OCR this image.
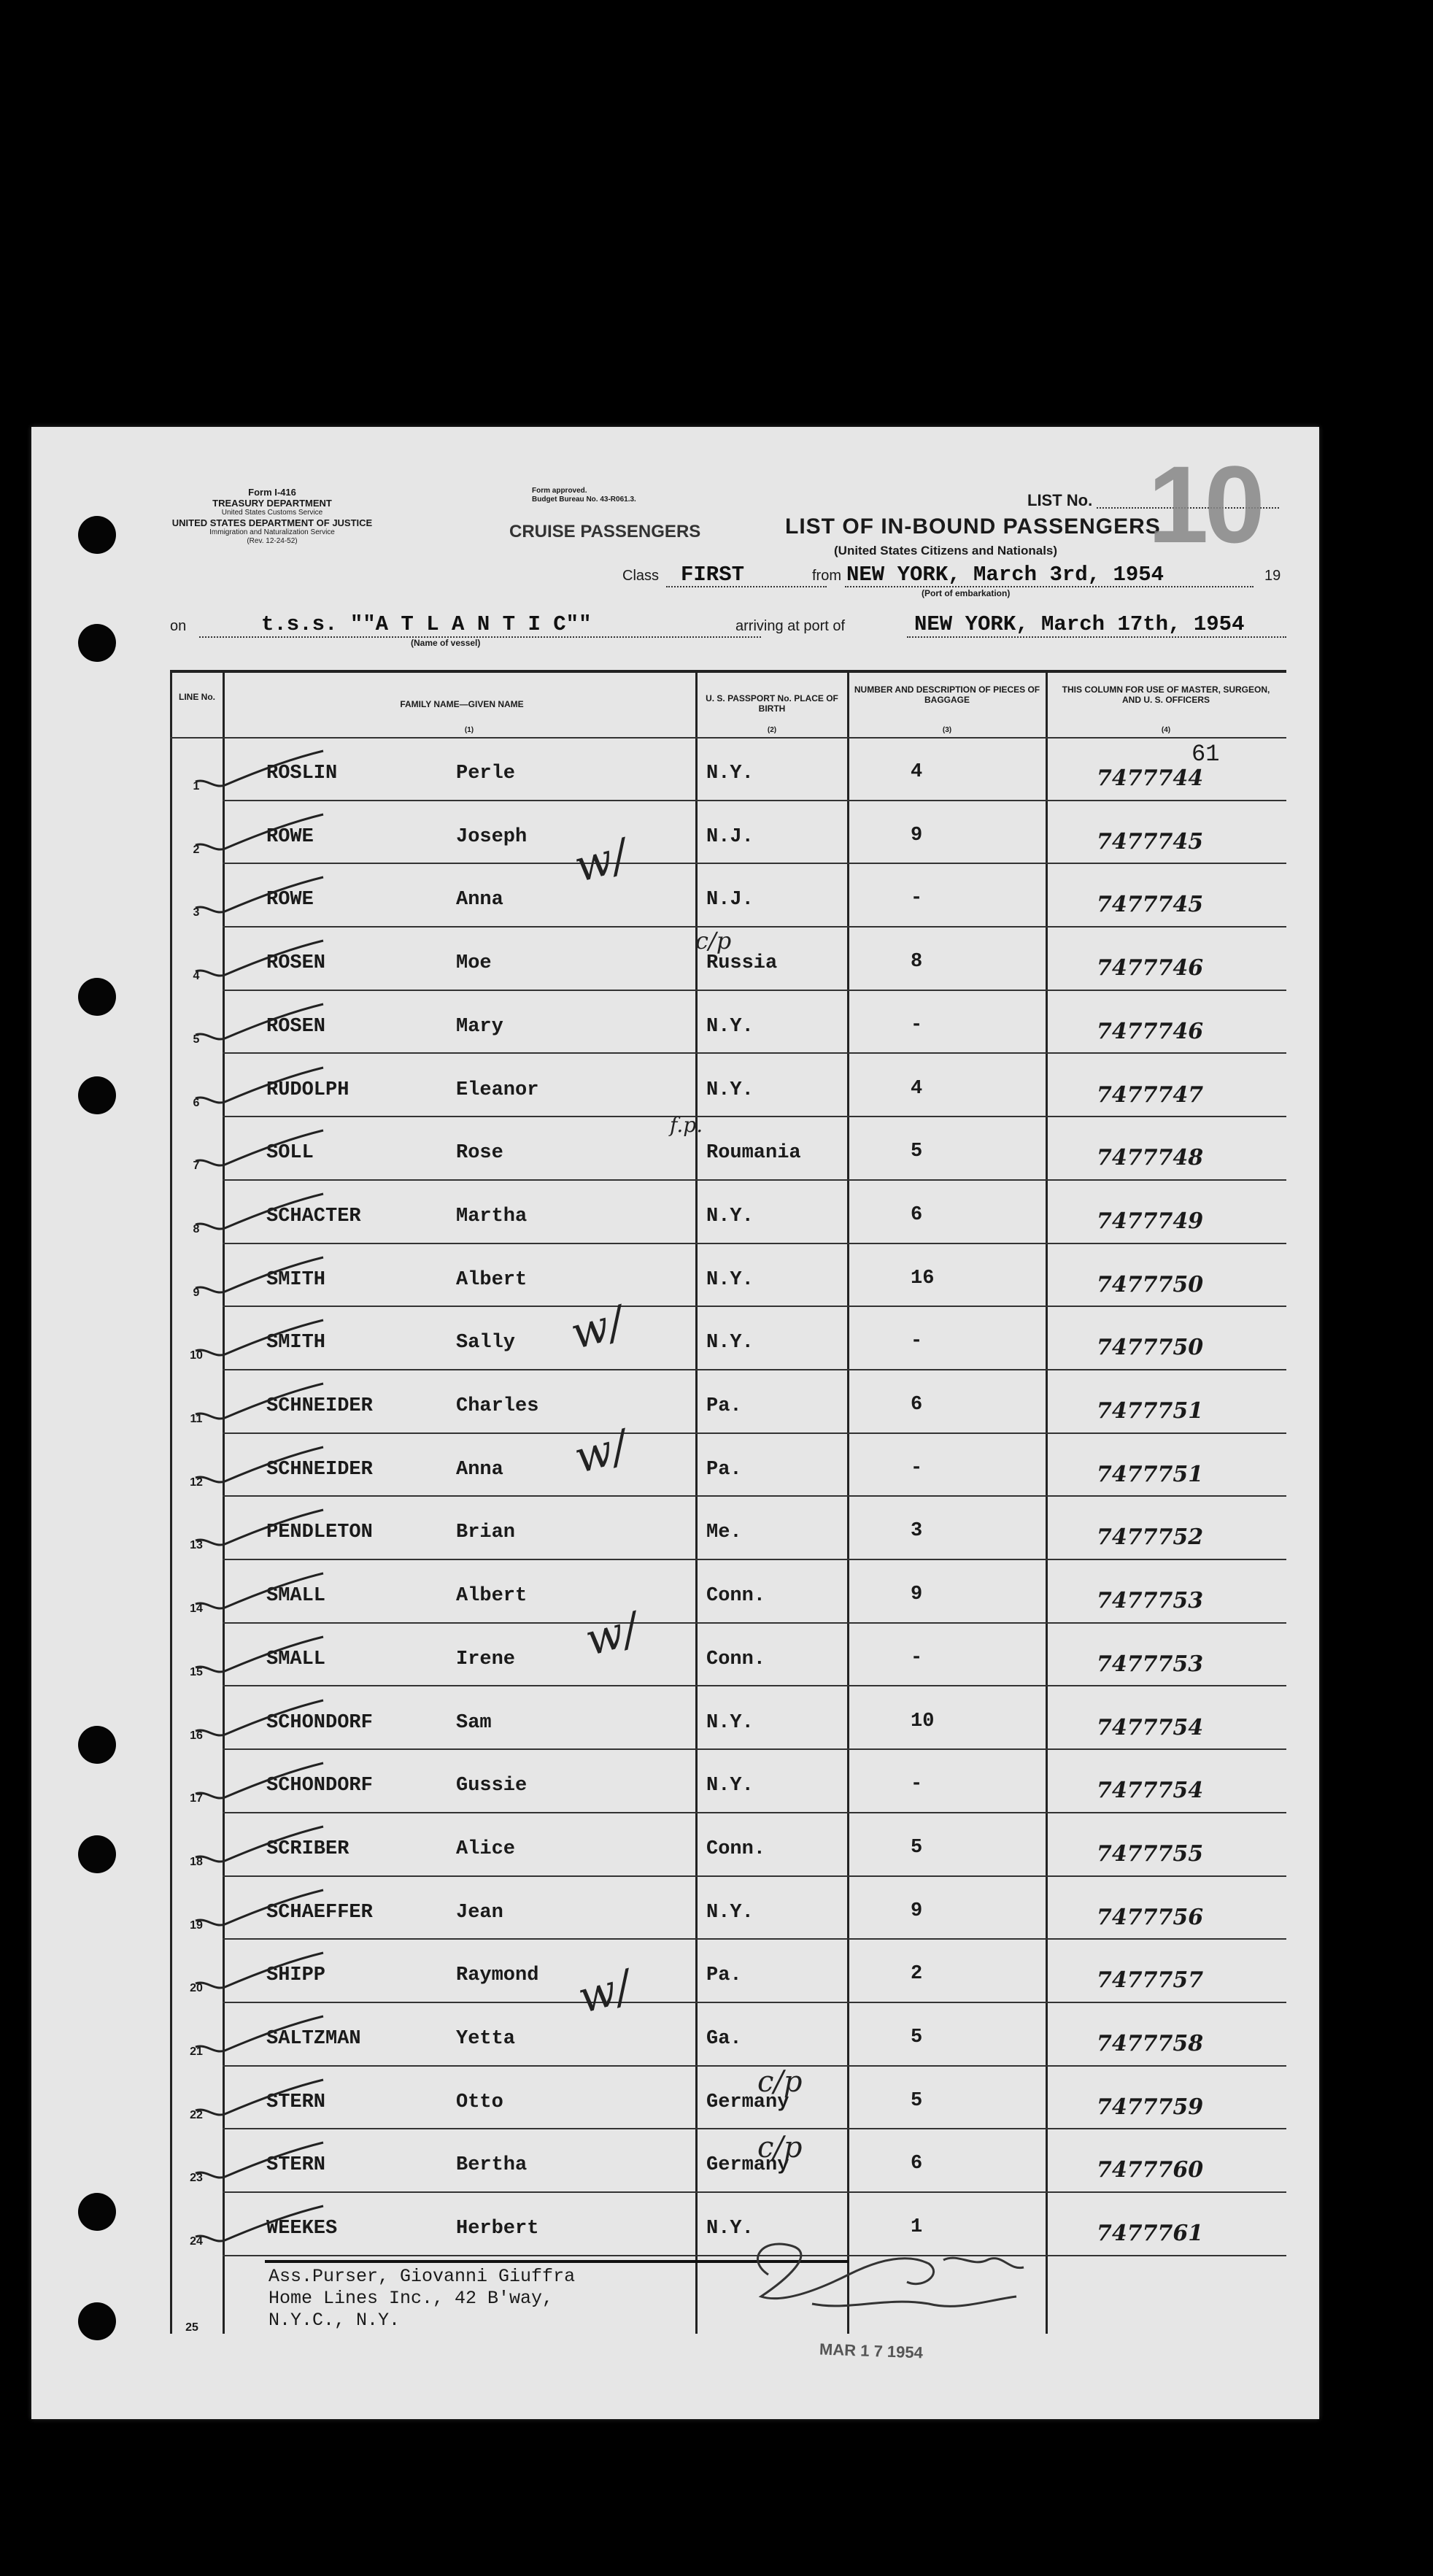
Form I-416
TREASURY DEPARTMENT
United States Customs Service
UNITED STATES DEPARTMENT OF JUSTICE
Immigration and Naturalization Service
(Rev. 12-24-52)
Form approved.
Budget Bureau No. 43-R061.3.
CRUISE PASSENGERS	LIST OF IN-BOUND PASSENGERS
(United States Citizens and Nationals)
LIST No. 10
Class FIRST	from NEW YORK, March 3rd, 1954	19
(Port of embarkation)
on	t.s.s. ""A T L A N T I C""
(Name of vessel)
arriving at port of	NEW YORK, March 17th, 1954
LINE No.
FAMILY NAME—GIVEN NAME
U. S. PASSPORT No. PLACE OF BIRTH
NUMBER AND DESCRIPTION OF PIECES OF BAGGAGE
THIS COLUMN FOR USE OF MASTER, SURGEON, AND U. S. OFFICERS
(1)	(2)	(3)	(4)
1
ROSLIN	Perle	N.Y.	4	7477744
2
ROWE	Joseph	N.J.	9	7477745
3
ROWE	Anna	N.J.	-	7477745
4
ROSEN	Moe	Russia	8	7477746
5
ROSEN	Mary	N.Y.	-	7477746
6
RUDOLPH	Eleanor	N.Y.	4	7477747
7
SOLL	Rose	Roumania	5	7477748
8
SCHACTER	Martha	N.Y.	6	7477749
9
SMITH	Albert	N.Y.	16	7477750
10
SMITH	Sally	N.Y.	-	7477750
11
SCHNEIDER	Charles	Pa.	6	7477751
12
SCHNEIDER	Anna	Pa.	-	7477751
13
PENDLETON	Brian	Me.	3	7477752
14
SMALL	Albert	Conn.	9	7477753
15
SMALL	Irene	Conn.	-	7477753
16
SCHONDORF	Sam	N.Y.	10	7477754
17
SCHONDORF	Gussie	N.Y.	-	7477754
18
SCRIBER	Alice	Conn.	5	7477755
19
SCHAEFFER	Jean	N.Y.	9	7477756
20
SHIPP	Raymond	Pa.	2	7477757
21
SALTZMAN	Yetta	Ga.	5	7477758
22
STERN	Otto	Germany	5	7477759
23
STERN	Bertha	Germany	6	7477760
24
WEEKES	Herbert	N.Y.	1	7477761
61
w/
w/
w/
w/
w/
c/p
c/p
c/p
f.p.
Ass.Purser, Giovanni Giuffra
Home Lines Inc., 42 B'way,
N.Y.C., N.Y.
25
MAR 1 7 1954
